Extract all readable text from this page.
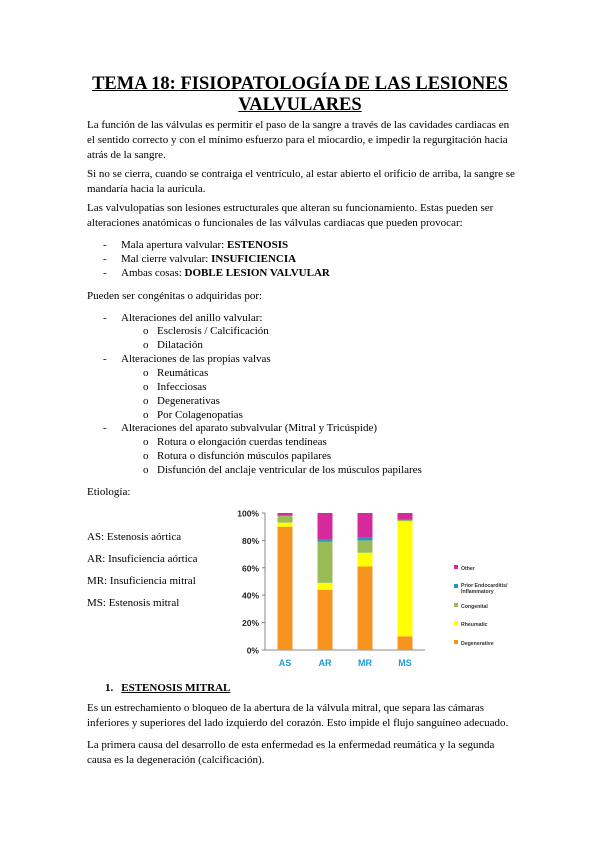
TEMA 18: FISIOPATOLOGÍA DE LAS LESIONES
VALVULARES
La función de las válvulas es permitir el paso de la sangre a través de las cavidades cardiacas en el sentido correcto y con el mínimo esfuerzo para el miocardio, e impedir la regurgitación hacia atrás de la sangre.
Si no se cierra, cuando se contraiga el ventrículo, al estar abierto el orificio de arriba, la sangre se mandaría hacia la aurícula.
Las valvulopatías son lesiones estructurales que alteran su funcionamiento. Estas pueden ser alteraciones anatómicas o funcionales de las válvulas cardiacas que pueden provocar:
- Mala apertura valvular: ESTENOSIS
- Mal cierre valvular: INSUFICIENCIA
- Ambas cosas: DOBLE LESION VALVULAR
Pueden ser congénitas o adquiridas por:
- Alteraciones del anillo valvular:
o Esclerosis / Calcificación
o Dilatación
- Alteraciones de las propias valvas
o Reumáticas
o Infecciosas
o Degenerativas
o Por Colagenopatias
- Alteraciones del aparato subvalvular (Mitral y Tricúspide)
o Rotura o elongación cuerdas tendíneas
o Rotura o disfunción músculos papilares
o Disfunción del anclaje ventricular de los músculos papilares
Etiología:
AS: Estenosis aórtica
AR: Insuficiencia aórtica
MR: Insuficiencia mitral
MS: Estenosis mitral
0%
20%
40%
60%
80%
100%
AS	AR	MR	MS
Other
Prior Endocarditis/
Inflammatory
Congenital
Rheumatic
Degenerative
1. ESTENOSIS MITRAL
Es un estrechamiento o bloqueo de la abertura de la válvula mitral, que separa las cámaras inferiores y superiores del lado izquierdo del corazón. Esto impide el flujo sanguíneo adecuado.
La primera causa del desarrollo de esta enfermedad es la enfermedad reumática y la segunda causa es la degeneración (calcificación).
